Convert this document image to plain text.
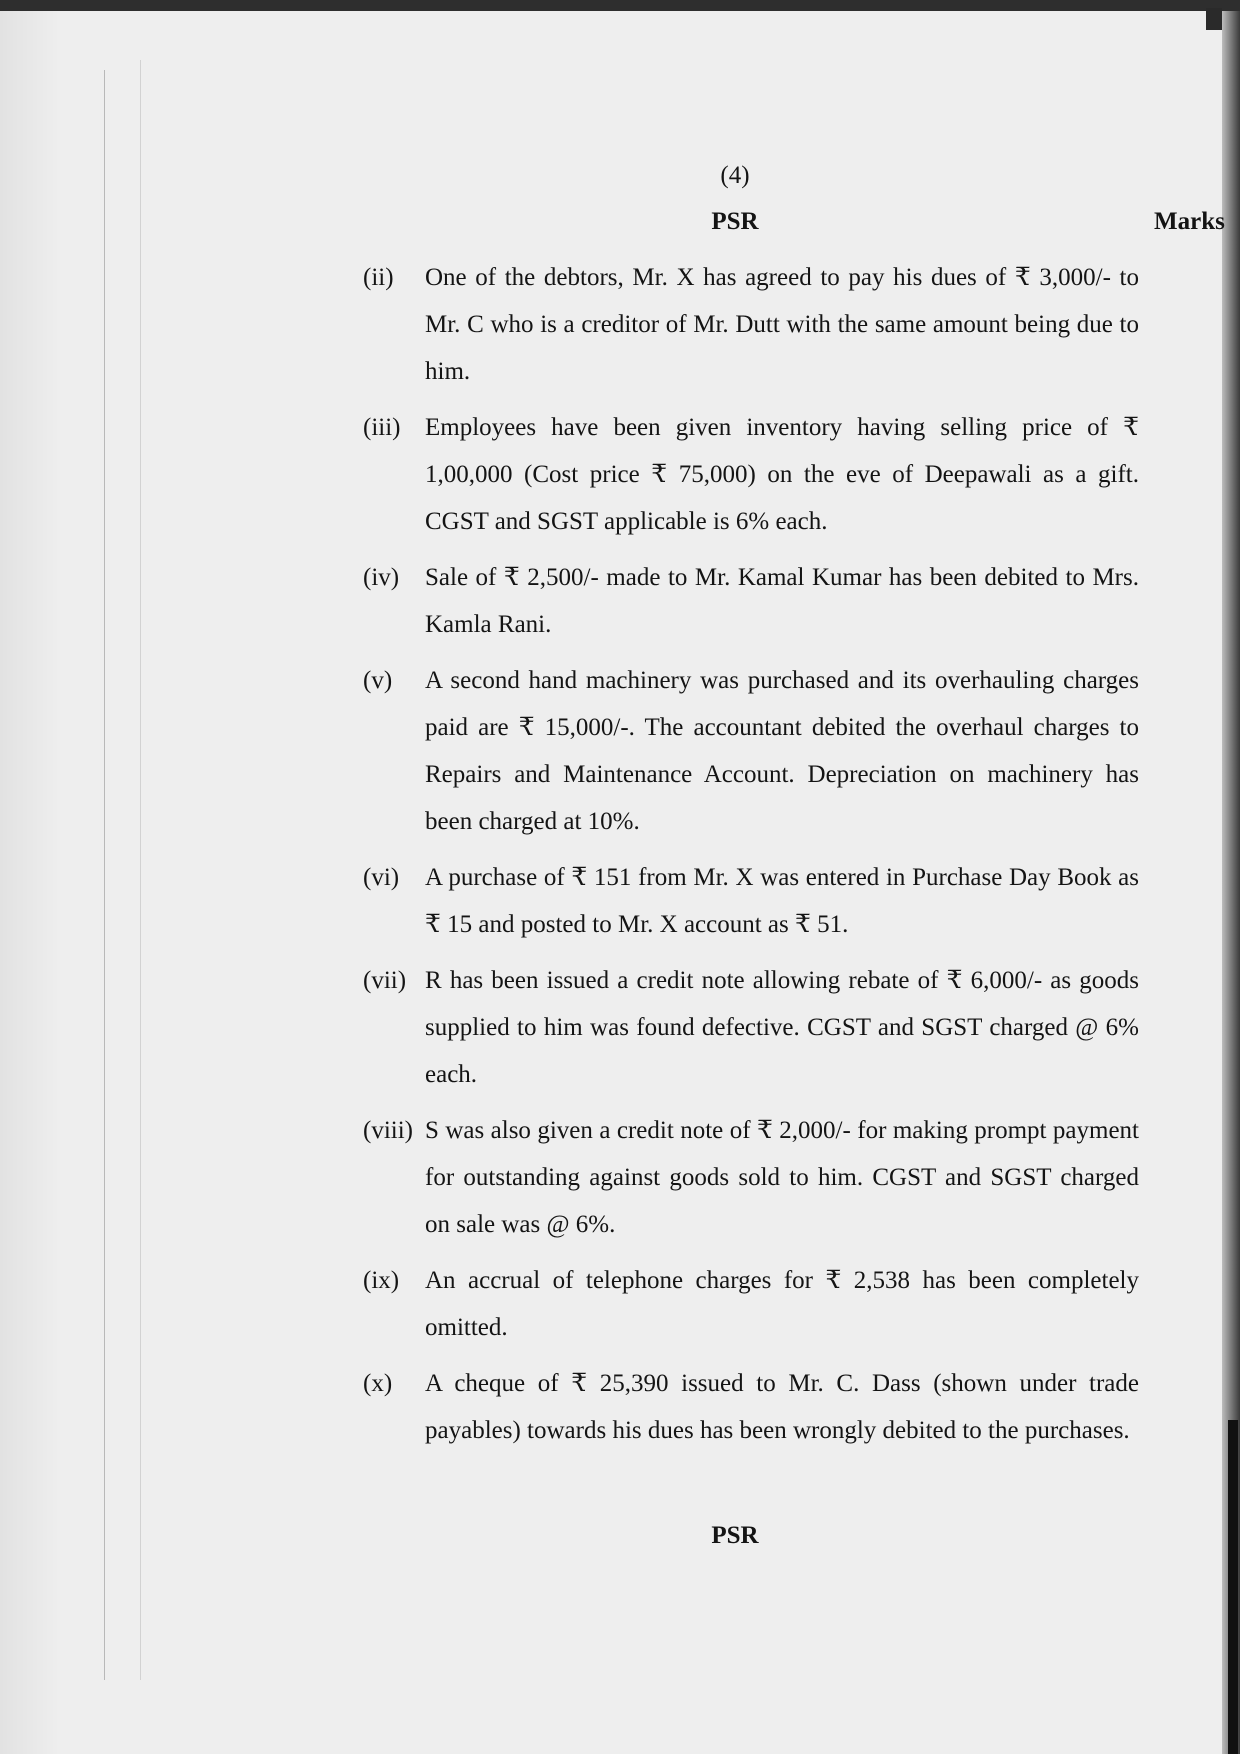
(4)
PSR	Marks
(ii)	One of the debtors, Mr. X has agreed to pay his dues of ₹ 3,000/- to Mr. C who is a creditor of Mr. Dutt with the same amount being due to him.
(iii) Employees have been given inventory having selling price of ₹ 1,00,000 (Cost price ₹ 75,000) on the eve of Deepawali as a gift. CGST and SGST applicable is 6% each.
(iv)	Sale of ₹ 2,500/- made to Mr. Kamal Kumar has been debited to Mrs. Kamla Rani.
(v)	A second hand machinery was purchased and its overhauling charges paid are ₹ 15,000/-. The accountant debited the overhaul charges to Repairs and Maintenance Account. Depreciation on machinery has been charged at 10%.
(vi)	A purchase of ₹ 151 from Mr. X was entered in Purchase Day Book as ₹ 15 and posted to Mr. X account as ₹ 51.
(vii) R has been issued a credit note allowing rebate of ₹ 6,000/- as goods supplied to him was found defective. CGST and SGST charged @ 6% each.
(viii) S was also given a credit note of ₹ 2,000/- for making prompt payment for outstanding against goods sold to him. CGST and SGST charged on sale was @ 6%.
(ix)	An accrual of telephone charges for ₹ 2,538 has been completely omitted.
(x)	A cheque of ₹ 25,390 issued to Mr. C. Dass (shown under trade payables) towards his dues has been wrongly debited to the purchases.
PSR
